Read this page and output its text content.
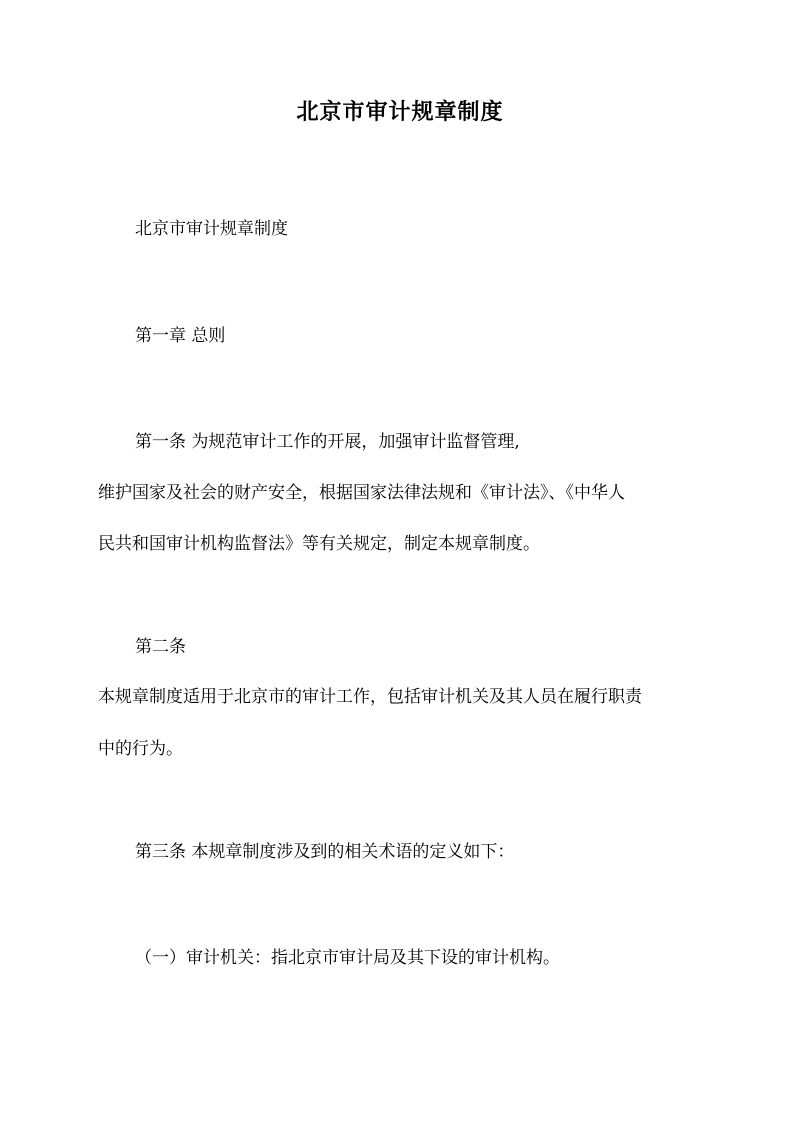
北京市审计规章制度
北京市审计规章制度
第一章 总则
第一条 为规范审计工作的开展，加强审计监督管理,
维护国家及社会的财产安全，根据国家法律法规和《审计法》、《中华人
民共和国审计机构监督法》等有关规定，制定本规章制度。
第二条
本规章制度适用于北京市的审计工作，包括审计机关及其人员在履行职责
中的行为。
第三条 本规章制度涉及到的相关术语的定义如下：
（一）审计机关：指北京市审计局及其下设的审计机构。
